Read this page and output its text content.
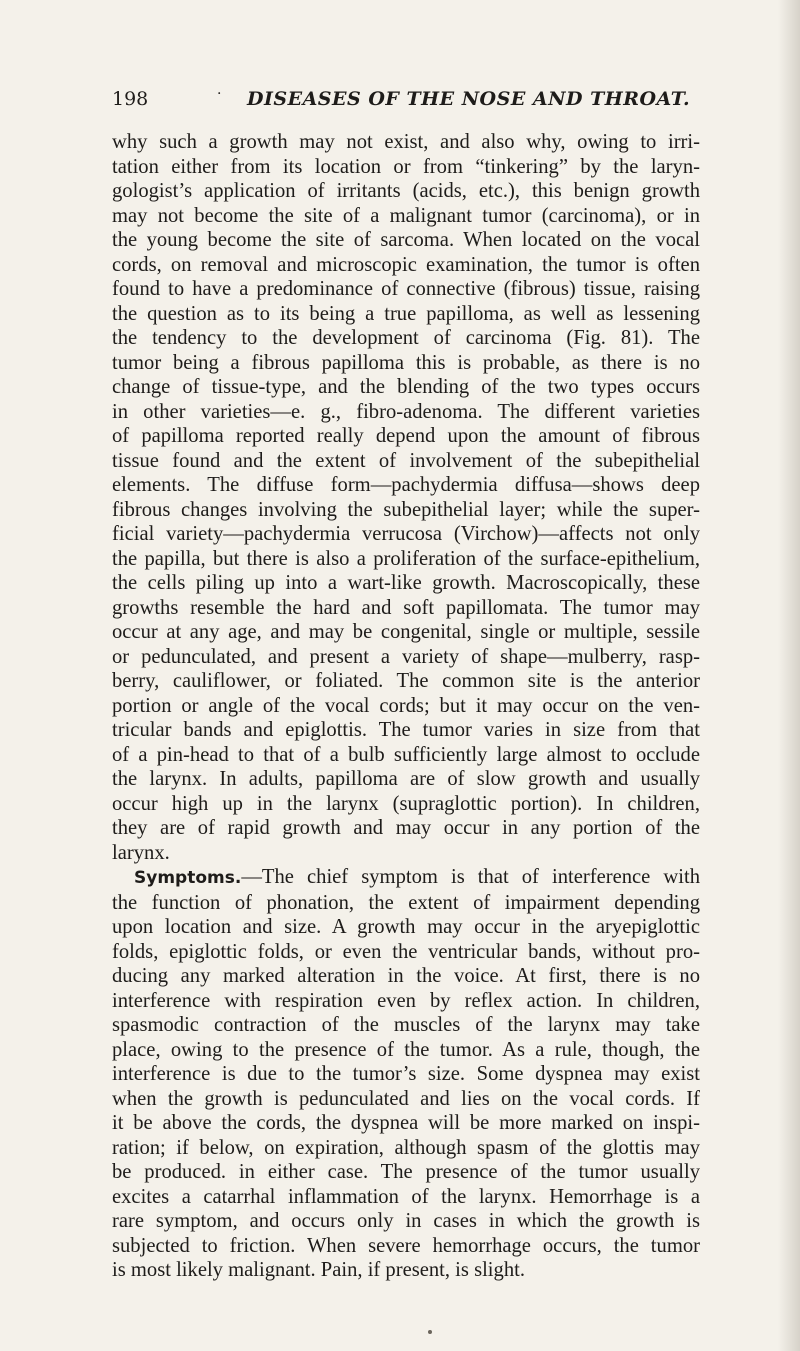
198	· DISEASES OF THE NOSE AND THROAT.
why such a growth may not exist, and also why, owing to irri-
tation either from its location or from “tinkering” by the laryn-
gologist’s application of irritants (acids, etc.), this benign growth
may not become the site of a malignant tumor (carcinoma), or in
the young become the site of sarcoma. When located on the vocal
cords, on removal and microscopic examination, the tumor is often
found to have a predominance of connective (fibrous) tissue, raising
the question as to its being a true papilloma, as well as lessening
the tendency to the development of carcinoma (Fig. 81). The
tumor being a fibrous papilloma this is probable, as there is no
change of tissue-type, and the blending of the two types occurs
in other varieties—e. g., fibro-adenoma. The different varieties
of papilloma reported really depend upon the amount of fibrous
tissue found and the extent of involvement of the subepithelial
elements. The diffuse form—pachydermia diffusa—shows deep
fibrous changes involving the subepithelial layer; while the super-
ficial variety—pachydermia verrucosa (Virchow)—affects not only
the papilla, but there is also a proliferation of the surface-epithelium,
the cells piling up into a wart-like growth. Macroscopically, these
growths resemble the hard and soft papillomata. The tumor may
occur at any age, and may be congenital, single or multiple, sessile
or pedunculated, and present a variety of shape—mulberry, rasp-
berry, cauliflower, or foliated. The common site is the anterior
portion or angle of the vocal cords; but it may occur on the ven-
tricular bands and epiglottis. The tumor varies in size from that
of a pin-head to that of a bulb sufficiently large almost to occlude
the larynx. In adults, papilloma are of slow growth and usually
occur high up in the larynx (supraglottic portion). In children,
they are of rapid growth and may occur in any portion of the
larynx.
Symptoms.—The chief symptom is that of interference with
the function of phonation, the extent of impairment depending
upon location and size. A growth may occur in the aryepiglottic
folds, epiglottic folds, or even the ventricular bands, without pro-
ducing any marked alteration in the voice. At first, there is no
interference with respiration even by reflex action. In children,
spasmodic contraction of the muscles of the larynx may take
place, owing to the presence of the tumor. As a rule, though, the
interference is due to the tumor’s size. Some dyspnea may exist
when the growth is pedunculated and lies on the vocal cords. If
it be above the cords, the dyspnea will be more marked on inspi-
ration; if below, on expiration, although spasm of the glottis may
be produced. in either case. The presence of the tumor usually
excites a catarrhal inflammation of the larynx. Hemorrhage is a
rare symptom, and occurs only in cases in which the growth is
subjected to friction. When severe hemorrhage occurs, the tumor
is most likely malignant. Pain, if present, is slight.
